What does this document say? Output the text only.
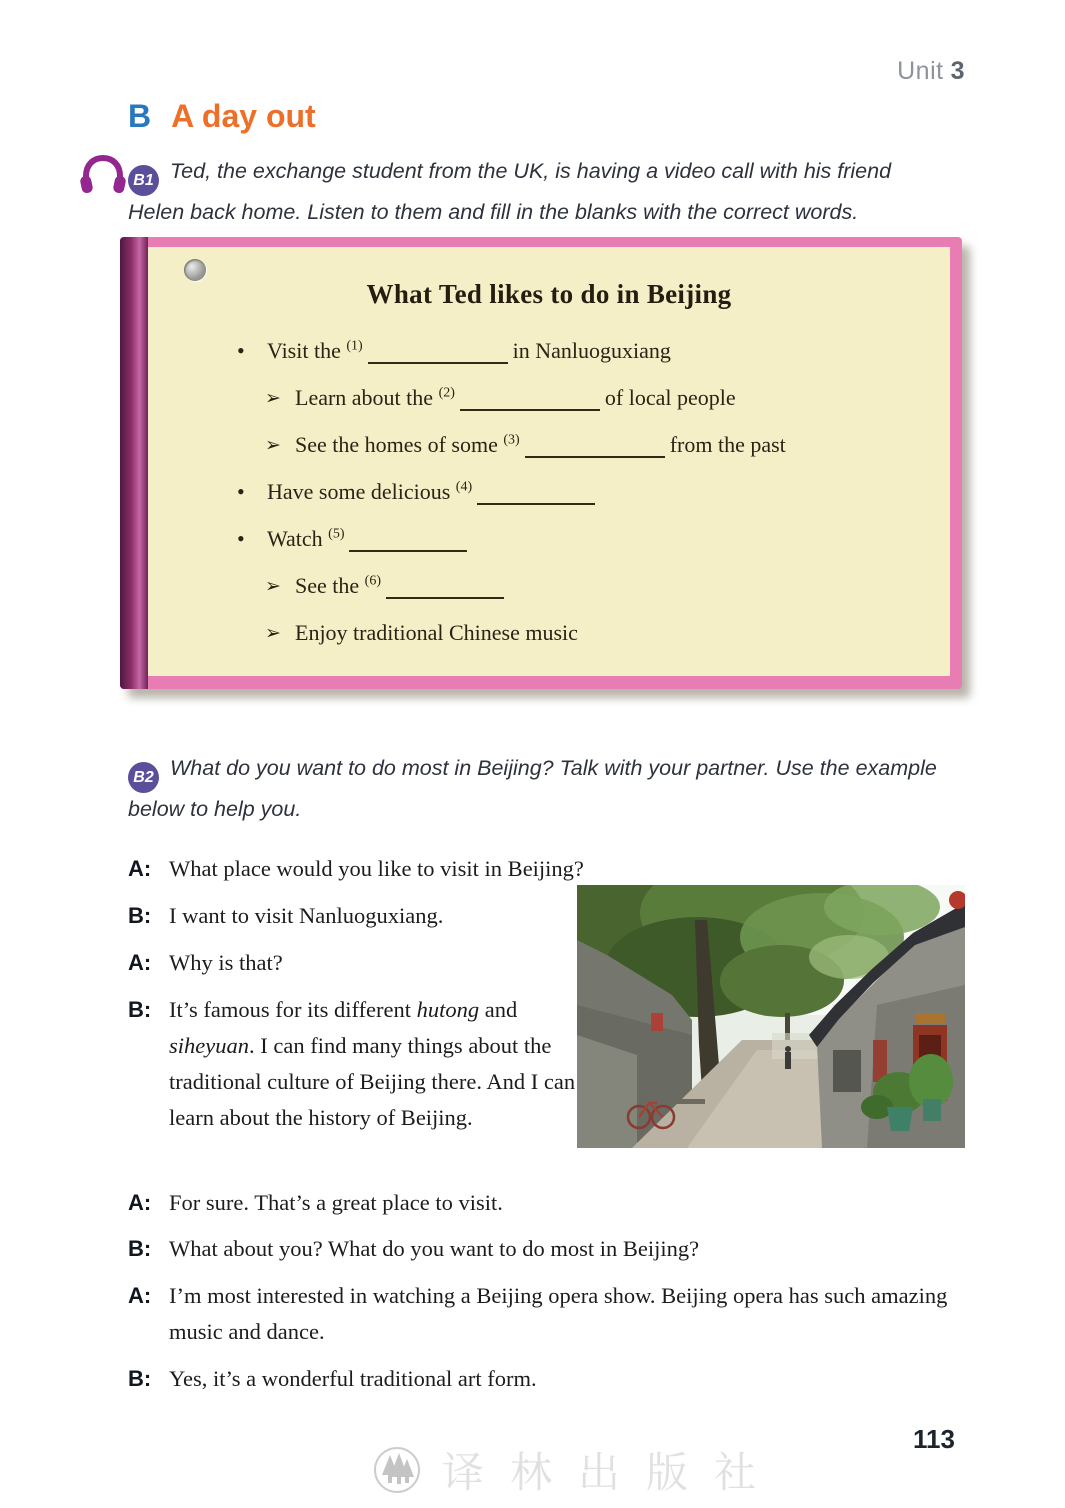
Unit 3
B A day out

B1 Ted, the exchange student from the UK, is having a video call with his friend Helen back home. Listen to them and fill in the blanks with the correct words.

What Ted likes to do in Beijing
•	Visit the $^{(1)}$	in Nanluoguxiang
➢ Learn about the $^{(2)}$	of local people
➢ See the homes of some $^{(3)}$	from the past
•	Have some delicious $^{(4)}$
•	Watch $^{(5)}$
➢ See the $^{(6)}$
➢ Enjoy traditional Chinese music

B2 What do you want to do most in Beijing? Talk with your partner. Use the example below to help you.

A: What place would you like to visit in Beijing?
B: I want to visit Nanluoguxiang.
A: Why is that?
B: It’s famous for its different hutong and siheyuan. I can find many things about the traditional culture of Beijing there. And I can learn about the history of Beijing.
A: For sure. That’s a great place to visit.
B: What about you? What do you want to do most in Beijing?
A: I’m most interested in watching a Beijing opera show. Beijing opera has such amazing music and dance.
B: Yes, it’s a wonderful traditional art form.
113
译林出版社
